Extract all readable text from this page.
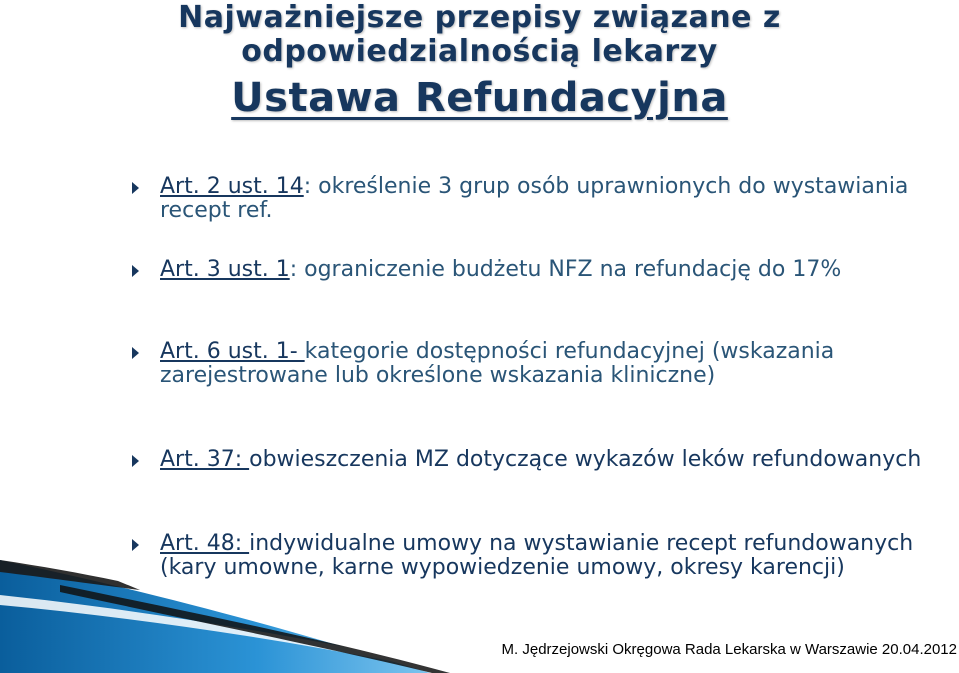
Najważniejsze przepisy związane z
odpowiedzialnością lekarzy
Ustawa Refundacyjna

Art. 2 ust. 14: określenie 3 grup osób uprawnionych do wystawiania recept ref.

Art. 3 ust. 1: ograniczenie budżetu NFZ na refundację do 17%

Art. 6 ust. 1- kategorie dostępności refundacyjnej (wskazania zarejestrowane lub określone wskazania kliniczne)

Art. 37: obwieszczenia MZ dotyczące wykazów leków refundowanych

Art. 48: indywidualne umowy na wystawianie recept refundowanych (kary umowne, karne wypowiedzenie umowy, okresy karencji)

M. Jędrzejowski Okręgowa Rada Lekarska w Warszawie 20.04.2012
